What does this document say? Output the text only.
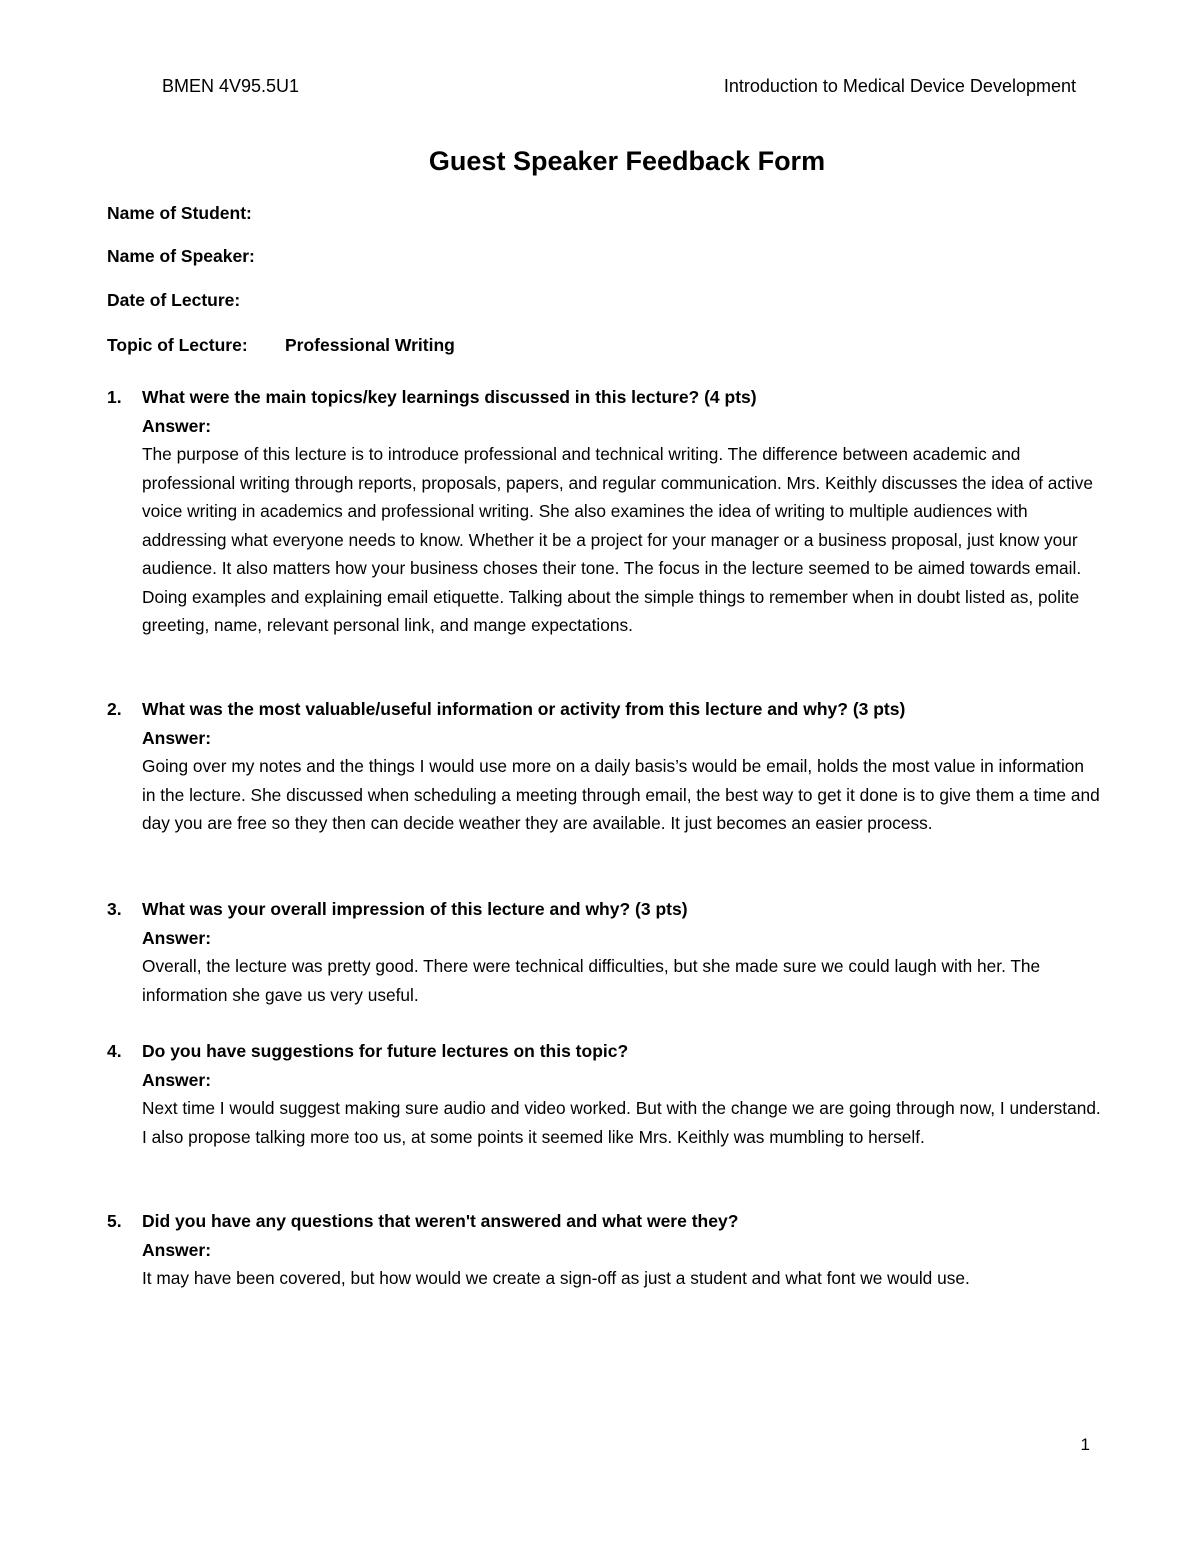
BMEN 4V95.5U1	Introduction to Medical Device Development
Guest Speaker Feedback Form
Name of Student:
Name of Speaker:
Date of Lecture:
Topic of Lecture: Professional Writing
1. What were the main topics/key learnings discussed in this lecture? (4 pts)
Answer:
The purpose of this lecture is to introduce professional and technical writing. The difference between academic and professional writing through reports, proposals, papers, and regular communication. Mrs. Keithly discusses the idea of active voice writing in academics and professional writing. She also examines the idea of writing to multiple audiences with addressing what everyone needs to know. Whether it be a project for your manager or a business proposal, just know your audience. It also matters how your business choses their tone. The focus in the lecture seemed to be aimed towards email. Doing examples and explaining email etiquette. Talking about the simple things to remember when in doubt listed as, polite greeting, name, relevant personal link, and mange expectations.
2. What was the most valuable/useful information or activity from this lecture and why? (3 pts)
Answer:
Going over my notes and the things I would use more on a daily basis’s would be email, holds the most value in information in the lecture. She discussed when scheduling a meeting through email, the best way to get it done is to give them a time and day you are free so they then can decide weather they are available. It just becomes an easier process.
3. What was your overall impression of this lecture and why? (3 pts)
Answer:
Overall, the lecture was pretty good. There were technical difficulties, but she made sure we could laugh with her. The information she gave us very useful.
4. Do you have suggestions for future lectures on this topic?
Answer:
Next time I would suggest making sure audio and video worked. But with the change we are going through now, I understand. I also propose talking more too us, at some points it seemed like Mrs. Keithly was mumbling to herself.
5. Did you have any questions that weren't answered and what were they?
Answer:
It may have been covered, but how would we create a sign-off as just a student and what font we would use.
1
